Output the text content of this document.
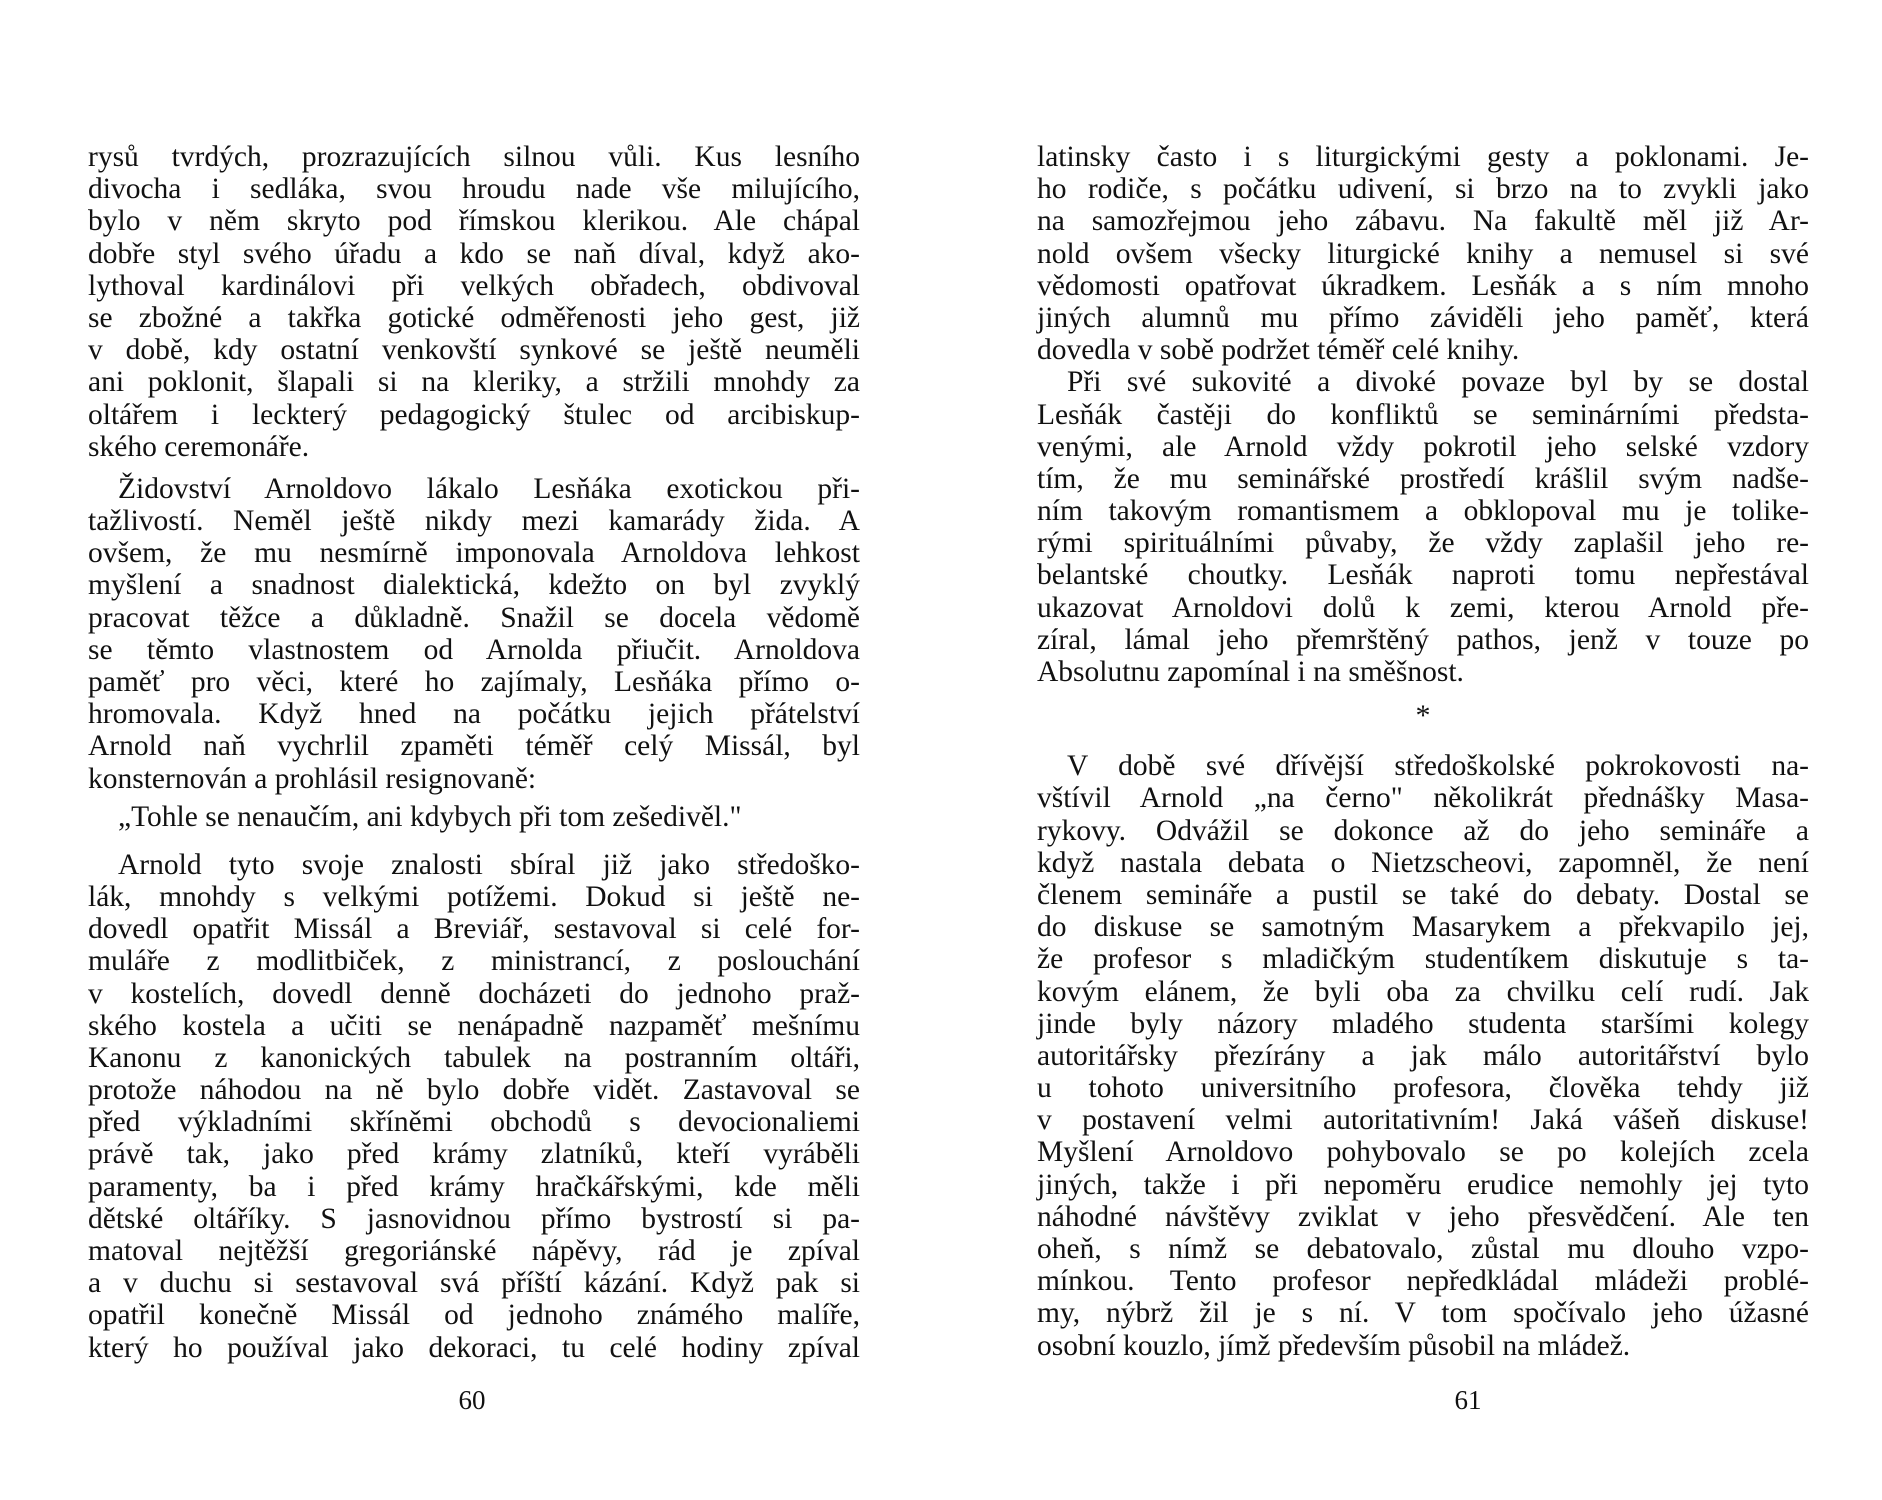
rysů tvrdých, prozrazujících silnou vůli. Kus lesního
divocha i sedláka, svou hroudu nade vše milujícího,
bylo v něm skryto pod římskou klerikou. Ale chápal
dobře styl svého úřadu a kdo se naň díval, když ako-
lythoval kardinálovi při velkých obřadech, obdivoval
se zbožné a takřka gotické odměřenosti jeho gest, již
v době, kdy ostatní venkovští synkové se ještě neuměli
ani poklonit, šlapali si na kleriky, a stržili mnohdy za
oltářem i leckterý pedagogický štulec od arcibiskup-
ského ceremonáře.
Židovství Arnoldovo lákalo Lesňáka exotickou při-
tažlivostí. Neměl ještě nikdy mezi kamarády žida. A
ovšem, že mu nesmírně imponovala Arnoldova lehkost
myšlení a snadnost dialektická, kdežto on byl zvyklý
pracovat těžce a důkladně. Snažil se docela vědomě
se těmto vlastnostem od Arnolda přiučit. Arnoldova
paměť pro věci, které ho zajímaly, Lesňáka přímo o-
hromovala. Když hned na počátku jejich přátelství
Arnold naň vychrlil zpaměti téměř celý Missál, byl
konsternován a prohlásil resignovaně:
„Tohle se nenaučím, ani kdybych při tom zešedivěl."
Arnold tyto svoje znalosti sbíral již jako středoško-
lák, mnohdy s velkými potížemi. Dokud si ještě ne-
dovedl opatřit Missál a Breviář, sestavoval si celé for-
muláře z modlitbiček, z ministrancí, z poslouchání
v kostelích, dovedl denně docházeti do jednoho praž-
ského kostela a učiti se nenápadně nazpaměť mešnímu
Kanonu z kanonických tabulek na postranním oltáři,
protože náhodou na ně bylo dobře vidět. Zastavoval se
před výkladními skříněmi obchodů s devocionaliemi
právě tak, jako před krámy zlatníků, kteří vyráběli
paramenty, ba i před krámy hračkářskými, kde měli
dětské oltáříky. S jasnovidnou přímo bystrostí si pa-
matoval nejtěžší gregoriánské nápěvy, rád je zpíval
a v duchu si sestavoval svá příští kázání. Když pak si
opatřil konečně Missál od jednoho známého malíře,
který ho používal jako dekoraci, tu celé hodiny zpíval
60
latinsky často i s liturgickými gesty a poklonami. Je-
ho rodiče, s počátku udivení, si brzo na to zvykli jako
na samozřejmou jeho zábavu. Na fakultě měl již Ar-
nold ovšem všecky liturgické knihy a nemusel si své
vědomosti opatřovat úkradkem. Lesňák a s ním mnoho
jiných alumnů mu přímo záviděli jeho paměť, která
dovedla v sobě podržet téměř celé knihy.
Při své sukovité a divoké povaze byl by se dostal
Lesňák častěji do konfliktů se seminárními předsta-
venými, ale Arnold vždy pokrotil jeho selské vzdory
tím, že mu seminářské prostředí krášlil svým nadše-
ním takovým romantismem a obklopoval mu je tolike-
rými spirituálními půvaby, že vždy zaplašil jeho re-
belantské choutky. Lesňák naproti tomu nepřestával
ukazovat Arnoldovi dolů k zemi, kterou Arnold pře-
zíral, lámal jeho přemrštěný pathos, jenž v touze po
Absolutnu zapomínal i na směšnost.
*
V době své dřívější středoškolské pokrokovosti na-
vštívil Arnold „na černo" několikrát přednášky Masa-
rykovy. Odvážil se dokonce až do jeho semináře a
když nastala debata o Nietzscheovi, zapomněl, že není
členem semináře a pustil se také do debaty. Dostal se
do diskuse se samotným Masarykem a překvapilo jej,
že profesor s mladičkým studentíkem diskutuje s ta-
kovým elánem, že byli oba za chvilku celí rudí. Jak
jinde byly názory mladého studenta staršími kolegy
autoritářsky přezírány a jak málo autoritářství bylo
u tohoto universitního profesora, člověka tehdy již
v postavení velmi autoritativním! Jaká vášeň diskuse!
Myšlení Arnoldovo pohybovalo se po kolejích zcela
jiných, takže i při nepoměru erudice nemohly jej tyto
náhodné návštěvy zviklat v jeho přesvědčení. Ale ten
oheň, s nímž se debatovalo, zůstal mu dlouho vzpo-
mínkou. Tento profesor nepředkládal mládeži problé-
my, nýbrž žil je s ní. V tom spočívalo jeho úžasné
osobní kouzlo, jímž především působil na mládež.
61
